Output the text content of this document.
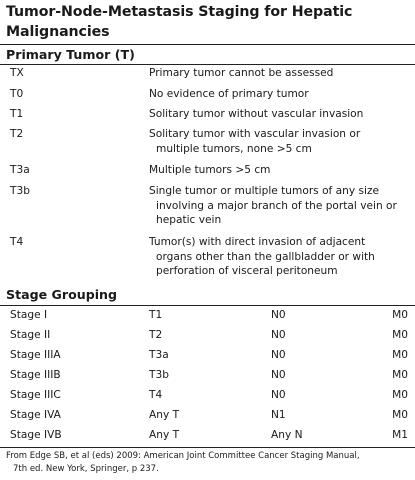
Tumor-Node-Metastasis Staging for Hepatic
Malignancies
Primary Tumor (T)
TX	Primary tumor cannot be assessed
T0	No evidence of primary tumor
T1	Solitary tumor without vascular invasion
T2	Solitary tumor with vascular invasion or
multiple tumors, none >5 cm
T3a	Multiple tumors >5 cm
T3b	Single tumor or multiple tumors of any size
involving a major branch of the portal vein or
hepatic vein
T4	Tumor(s) with direct invasion of adjacent
organs other than the gallbladder or with
perforation of visceral peritoneum
Stage Grouping
Stage I	T1	N0	M0
Stage II	T2	N0	M0
Stage IIIA	T3a	N0	M0
Stage IIIB	T3b	N0	M0
Stage IIIC	T4	N0	M0
Stage IVA	Any T	N1	M0
Stage IVB	Any T	Any N	M1
From Edge SB, et al (eds) 2009: American Joint Committee Cancer Staging Manual,
7th ed. New York, Springer, p 237.
